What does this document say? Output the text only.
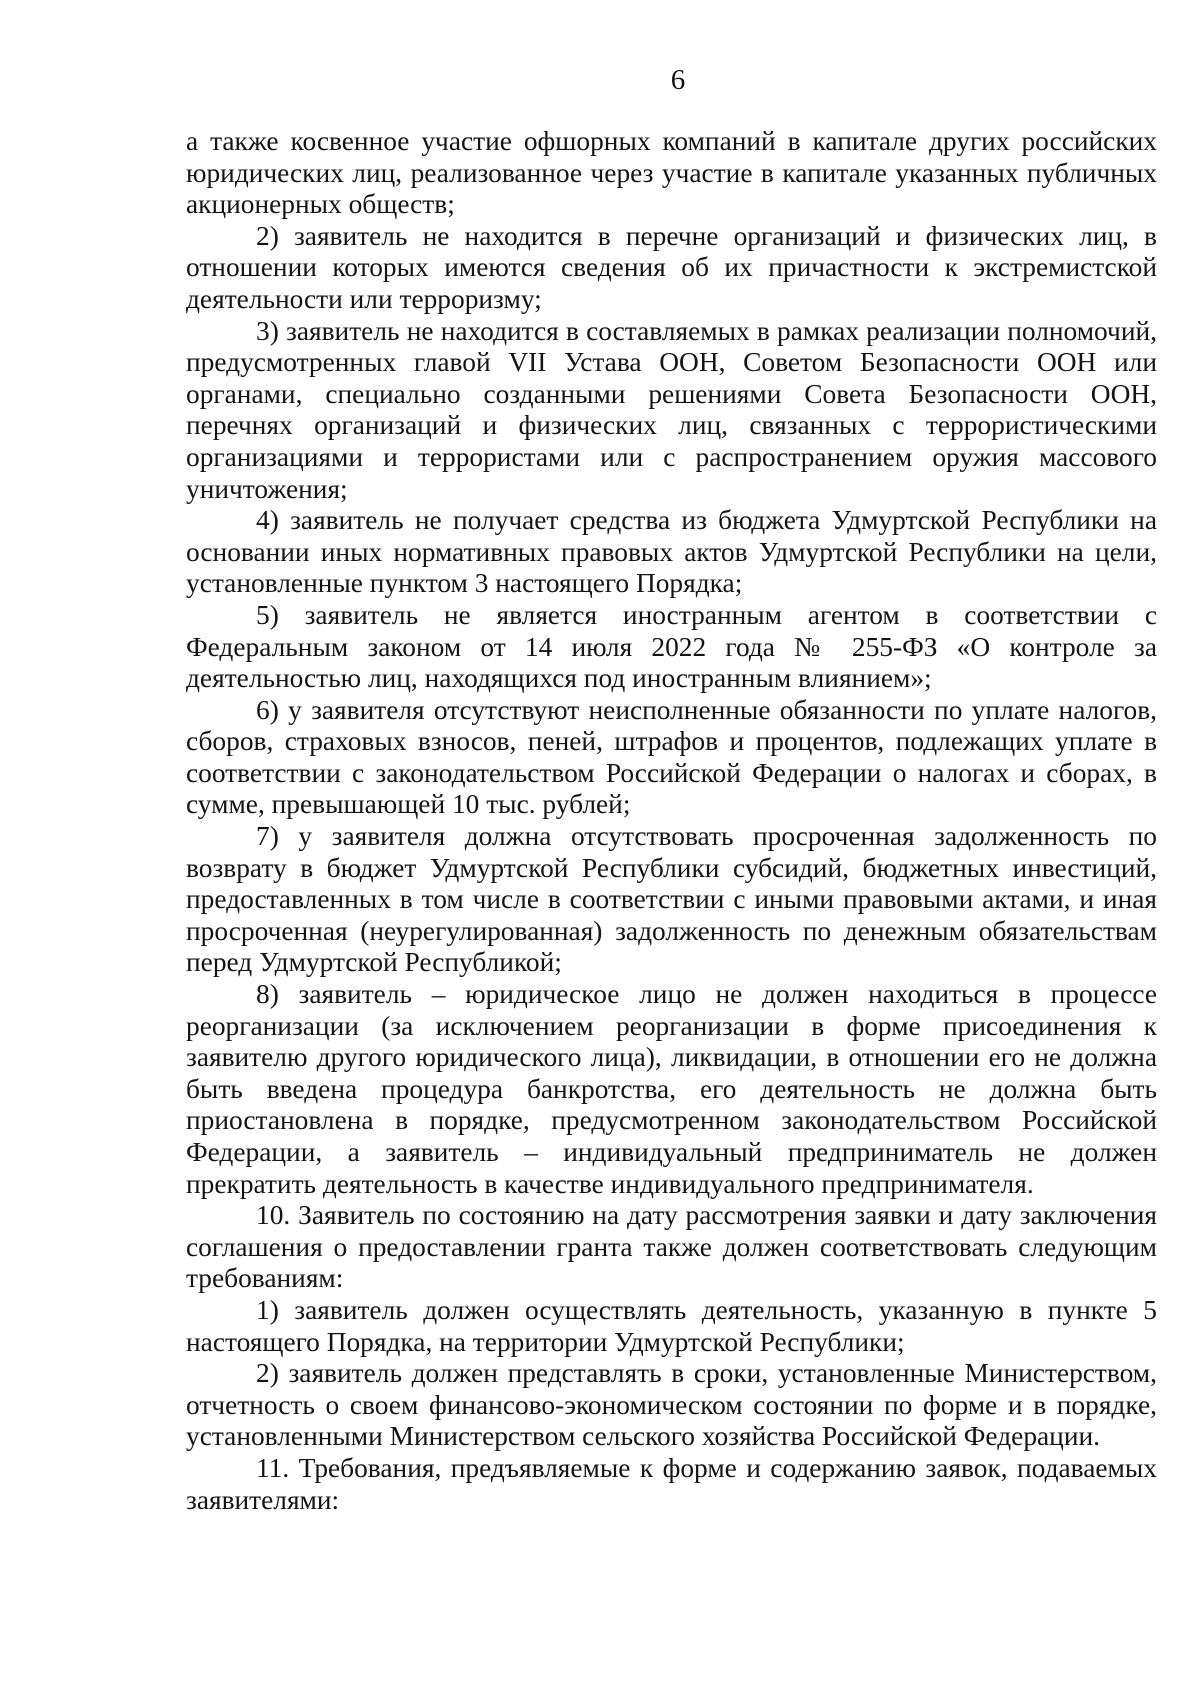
6

а также косвенное участие офшорных компаний в капитале других российских юридических лиц, реализованное через участие в капитале указанных публичных акционерных обществ;

2) заявитель не находится в перечне организаций и физических лиц, в отношении которых имеются сведения об их причастности к экстремистской деятельности или терроризму;

3) заявитель не находится в составляемых в рамках реализации полномочий, предусмотренных главой VII Устава ООН, Советом Безопасности ООН или органами, специально созданными решениями Совета Безопасности ООН, перечнях организаций и физических лиц, связанных с террористическими организациями и террористами или с распространением оружия массового уничтожения;

4) заявитель не получает средства из бюджета Удмуртской Республики на основании иных нормативных правовых актов Удмуртской Республики на цели, установленные пунктом 3 настоящего Порядка;

5) заявитель не является иностранным агентом в соответствии с Федеральным законом от 14 июля 2022 года № 255-ФЗ «О контроле за деятельностью лиц, находящихся под иностранным влиянием»;

6) у заявителя отсутствуют неисполненные обязанности по уплате налогов, сборов, страховых взносов, пеней, штрафов и процентов, подлежащих уплате в соответствии с законодательством Российской Федерации о налогах и сборах, в сумме, превышающей 10 тыс. рублей;

7) у заявителя должна отсутствовать просроченная задолженность по возврату в бюджет Удмуртской Республики субсидий, бюджетных инвестиций, предоставленных в том числе в соответствии с иными правовыми актами, и иная просроченная (неурегулированная) задолженность по денежным обязательствам перед Удмуртской Республикой;

8) заявитель – юридическое лицо не должен находиться в процессе реорганизации (за исключением реорганизации в форме присоединения к заявителю другого юридического лица), ликвидации, в отношении его не должна быть введена процедура банкротства, его деятельность не должна быть приостановлена в порядке, предусмотренном законодательством Российской Федерации, а заявитель – индивидуальный предприниматель не должен прекратить деятельность в качестве индивидуального предпринимателя.

10. Заявитель по состоянию на дату рассмотрения заявки и дату заключения соглашения о предоставлении гранта также должен соответствовать следующим требованиям:

1) заявитель должен осуществлять деятельность, указанную в пункте 5 настоящего Порядка, на территории Удмуртской Республики;

2) заявитель должен представлять в сроки, установленные Министерством, отчетность о своем финансово-экономическом состоянии по форме и в порядке, установленными Министерством сельского хозяйства Российской Федерации.

11. Требования, предъявляемые к форме и содержанию заявок, подаваемых заявителями:
